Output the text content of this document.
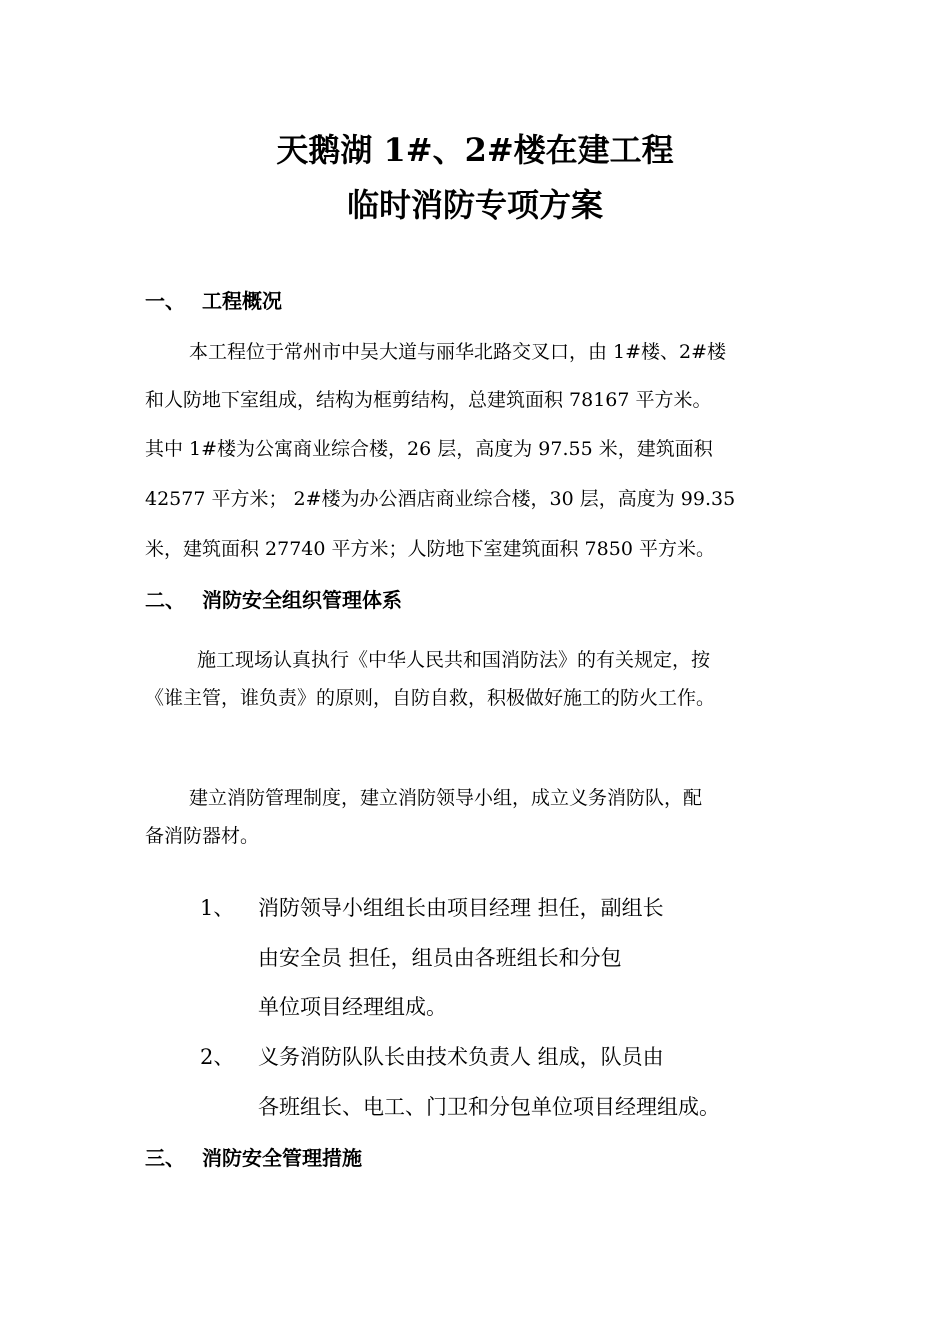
天鹅湖 1#、2#楼在建工程
临时消防专项方案
一、 工程概况
本工程位于常州市中吴大道与丽华北路交叉口，由 1#楼、2#楼
和人防地下室组成，结构为框剪结构，总建筑面积 78167 平方米。
其中 1#楼为公寓商业综合楼，26 层，高度为 97.55 米，建筑面积
42577 平方米； 2#楼为办公酒店商业综合楼，30 层，高度为 99.35
米，建筑面积 27740 平方米；人防地下室建筑面积 7850 平方米。
二、 消防安全组织管理体系
施工现场认真执行《中华人民共和国消防法》的有关规定，按
《谁主管，谁负责》的原则，自防自救，积极做好施工的防火工作。
建立消防管理制度，建立消防领导小组，成立义务消防队，配
备消防器材。
1、 消防领导小组组长由项目经理 担任，副组长
由安全员 担任，组员由各班组长和分包
单位项目经理组成。
2、 义务消防队队长由技术负责人 组成，队员由
各班组长、电工、门卫和分包单位项目经理组成。
三、 消防安全管理措施
